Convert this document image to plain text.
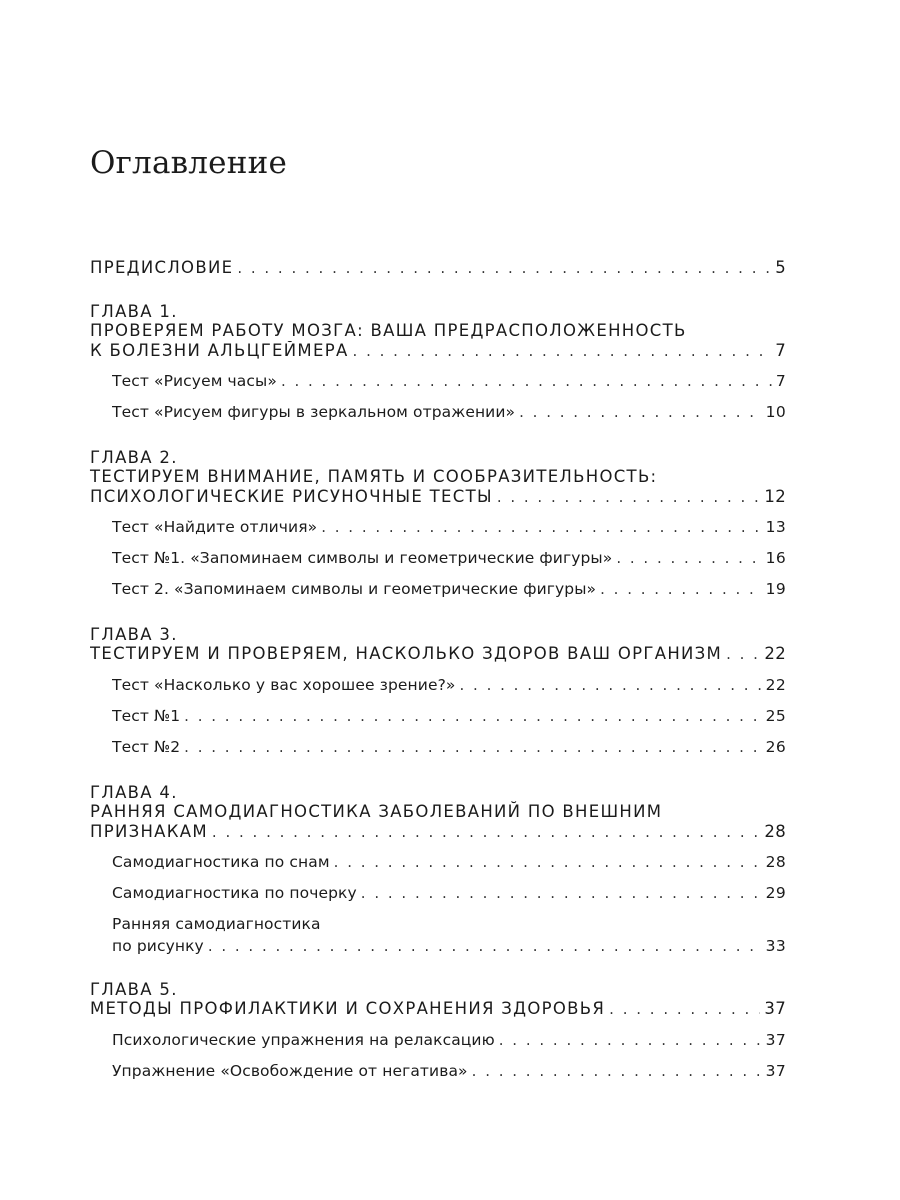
Оглавление
ПРЕДИСЛОВИЕ . . .	5
ГЛАВА 1.
ПРОВЕРЯЕМ РАБОТУ МОЗГА: ВАША ПРЕДРАСПОЛОЖЕННОСТЬ
К БОЛЕЗНИ АЛЬЦГЕЙМЕРА . . .	7
Тест «Рисуем часы» . . .	7
Тест «Рисуем фигуры в зеркальном отражении» . . .	10
ГЛАВА 2.
ТЕСТИРУЕМ ВНИМАНИЕ, ПАМЯТЬ И СООБРАЗИТЕЛЬНОСТЬ:
ПСИХОЛОГИЧЕСКИЕ РИСУНОЧНЫЕ ТЕСТЫ . . .	12
Тест «Найдите отличия» . . .	13
Тест №1. «Запоминаем символы и геометрические фигуры» . . .	16
Тест 2. «Запоминаем символы и геометрические фигуры» . . .	19
ГЛАВА 3.
ТЕСТИРУЕМ И ПРОВЕРЯЕМ, НАСКОЛЬКО ЗДОРОВ ВАШ ОРГАНИЗМ . . .	22
Тест «Насколько у вас хорошее зрение?» . . .	22
Тест №1 . . .	25
Тест №2 . . .	26
ГЛАВА 4.
РАННЯЯ САМОДИАГНОСТИКА ЗАБОЛЕВАНИЙ ПО ВНЕШНИМ
ПРИЗНАКАМ . . .	28
Самодиагностика по снам . . .	28
Самодиагностика по почерку . . .	29
Ранняя самодиагностика
по рисунку . . .	33
ГЛАВА 5.
МЕТОДЫ ПРОФИЛАКТИКИ И СОХРАНЕНИЯ ЗДОРОВЬЯ . . .	37
Психологические упражнения на релаксацию . . .	37
Упражнение «Освобождение от негатива» . . .	37
